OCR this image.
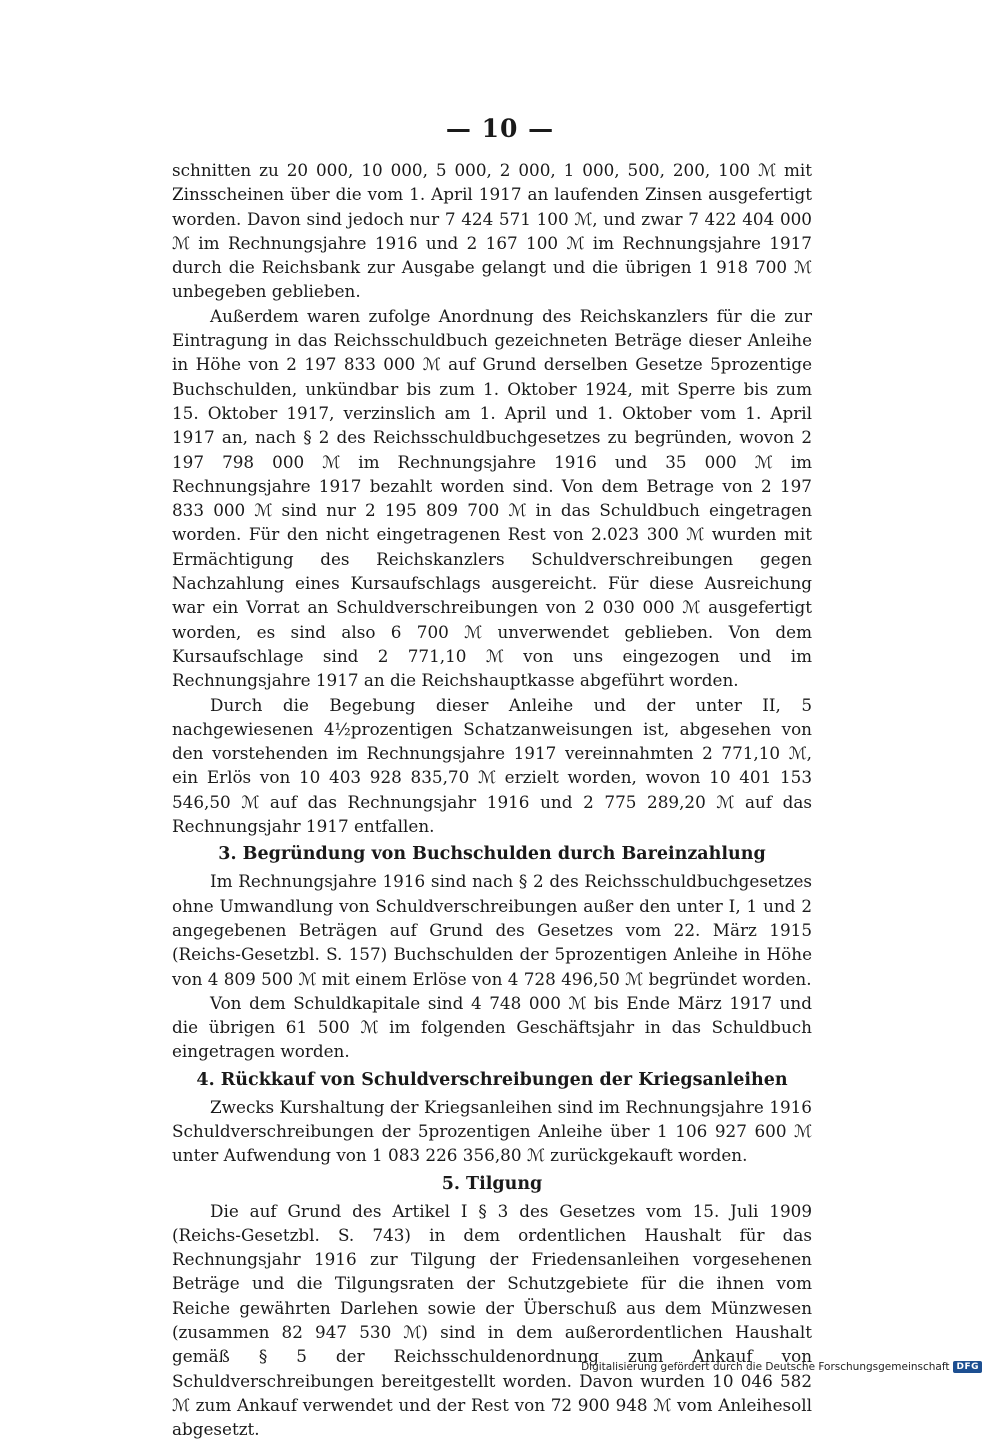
— 10 —

schnitten zu 20 000, 10 000, 5 000, 2 000, 1 000, 500, 200, 100 ℳ mit Zinsscheinen über die vom 1. April 1917 an laufenden Zinsen ausgefertigt worden. Davon sind jedoch nur 7 424 571 100 ℳ, und zwar 7 422 404 000 ℳ im Rechnungsjahre 1916 und 2 167 100 ℳ im Rechnungsjahre 1917 durch die Reichsbank zur Ausgabe gelangt und die übrigen 1 918 700 ℳ unbegeben geblieben.

Außerdem waren zufolge Anordnung des Reichskanzlers für die zur Eintragung in das Reichsschuldbuch gezeichneten Beträge dieser Anleihe in Höhe von 2 197 833 000 ℳ auf Grund derselben Gesetze 5prozentige Buchschulden, unkündbar bis zum 1. Oktober 1924, mit Sperre bis zum 15. Oktober 1917, verzinslich am 1. April und 1. Oktober vom 1. April 1917 an, nach § 2 des Reichsschuldbuchgesetzes zu begründen, wovon 2 197 798 000 ℳ im Rechnungsjahre 1916 und 35 000 ℳ im Rechnungsjahre 1917 bezahlt worden sind. Von dem Betrage von 2 197 833 000 ℳ sind nur 2 195 809 700 ℳ in das Schuldbuch eingetragen worden. Für den nicht eingetragenen Rest von 2.023 300 ℳ wurden mit Ermächtigung des Reichskanzlers Schuldverschreibungen gegen Nachzahlung eines Kursaufschlags ausgereicht. Für diese Ausreichung war ein Vorrat an Schuldverschreibungen von 2 030 000 ℳ ausgefertigt worden, es sind also 6 700 ℳ unverwendet geblieben. Von dem Kursaufschlage sind 2 771,10 ℳ von uns eingezogen und im Rechnungsjahre 1917 an die Reichshauptkasse abgeführt worden.

Durch die Begebung dieser Anleihe und der unter II, 5 nachgewiesenen 4½prozentigen Schatzanweisungen ist, abgesehen von den vorstehenden im Rechnungsjahre 1917 vereinnahmten 2 771,10 ℳ, ein Erlös von 10 403 928 835,70 ℳ erzielt worden, wovon 10 401 153 546,50 ℳ auf das Rechnungsjahr 1916 und 2 775 289,20 ℳ auf das Rechnungsjahr 1917 entfallen.

3. Begründung von Buchschulden durch Bareinzahlung

Im Rechnungsjahre 1916 sind nach § 2 des Reichsschuldbuchgesetzes ohne Umwandlung von Schuldverschreibungen außer den unter I, 1 und 2 angegebenen Beträgen auf Grund des Gesetzes vom 22. März 1915 (Reichs-Gesetzbl. S. 157) Buchschulden der 5prozentigen Anleihe in Höhe von 4 809 500 ℳ mit einem Erlöse von 4 728 496,50 ℳ begründet worden.

Von dem Schuldkapitale sind 4 748 000 ℳ bis Ende März 1917 und die übrigen 61 500 ℳ im folgenden Geschäftsjahr in das Schuldbuch eingetragen worden.

4. Rückkauf von Schuldverschreibungen der Kriegsanleihen

Zwecks Kurshaltung der Kriegsanleihen sind im Rechnungsjahre 1916 Schuldverschreibungen der 5prozentigen Anleihe über 1 106 927 600 ℳ unter Aufwendung von 1 083 226 356,80 ℳ zurückgekauft worden.

5. Tilgung

Die auf Grund des Artikel I § 3 des Gesetzes vom 15. Juli 1909 (Reichs-Gesetzbl. S. 743) in dem ordentlichen Haushalt für das Rechnungsjahr 1916 zur Tilgung der Friedensanleihen vorgesehenen Beträge und die Tilgungsraten der Schutzgebiete für die ihnen vom Reiche gewährten Darlehen sowie der Überschuß aus dem Münzwesen (zusammen 82 947 530 ℳ) sind in dem außerordentlichen Haushalt gemäß § 5 der Reichsschuldenordnung zum Ankauf von Schuldverschreibungen bereitgestellt worden. Davon wurden 10 046 582 ℳ zum Ankauf verwendet und der Rest von 72 900 948 ℳ vom Anleihesoll abgesetzt.

Digitalisierung gefördert durch die Deutsche Forschungsgemeinschaft DFG
